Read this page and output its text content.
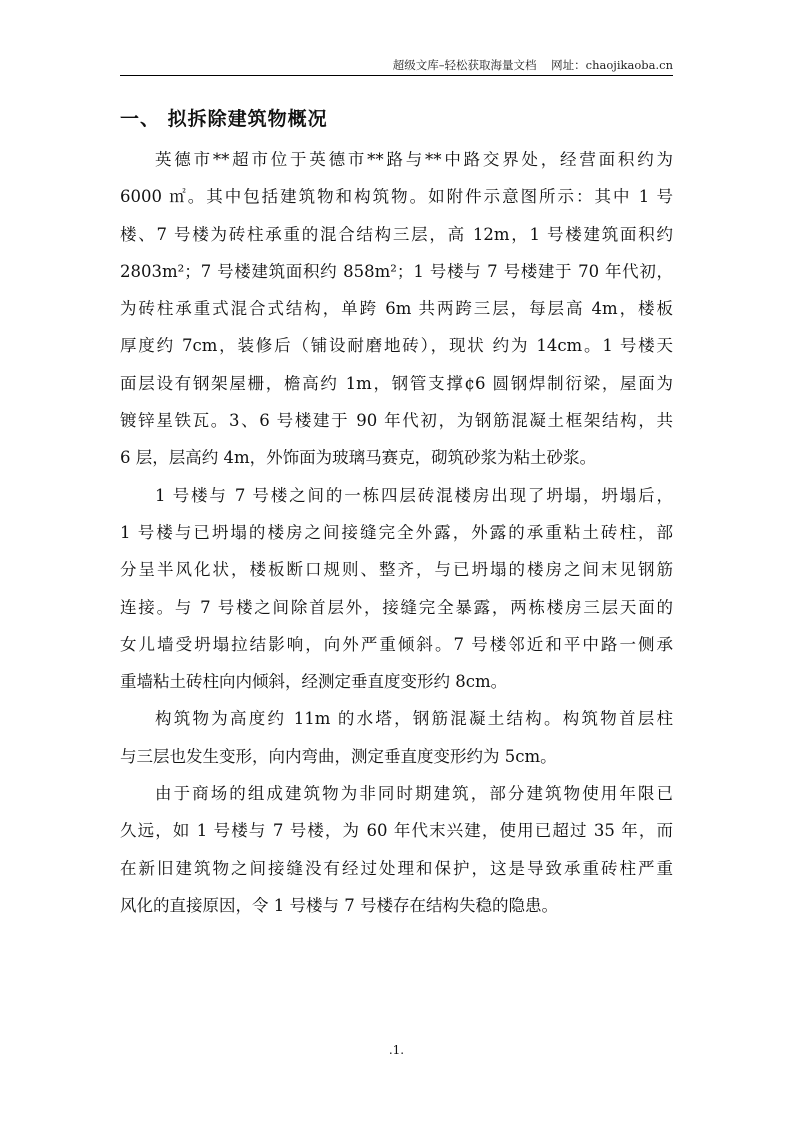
超级文库–轻松获取海量文档    网址：chaojikaoba.cn
一、 拟拆除建筑物概况
英德市**超市位于英德市**路与**中路交界处，经营面积约为
6000 ㎡。其中包括建筑物和构筑物。如附件示意图所示：其中 1 号
楼、7 号楼为砖柱承重的混合结构三层，高 12m，1 号楼建筑面积约
2803m²；7 号楼建筑面积约 858m²；1 号楼与 7 号楼建于 70 年代初，
为砖柱承重式混合式结构，单跨 6m 共两跨三层，每层高 4m，楼板
厚度约 7cm，装修后（铺设耐磨地砖），现状 约为 14cm。1 号楼天
面层设有钢架屋栅，檐高约 1m，钢管支撑¢6 圆钢焊制衍梁，屋面为
镀锌星铁瓦。3、6 号楼建于 90 年代初，为钢筋混凝土框架结构，共
6 层，层高约 4m，外饰面为玻璃马赛克，砌筑砂浆为粘土砂浆。
1 号楼与 7 号楼之间的一栋四层砖混楼房出现了坍塌，坍塌后，
1 号楼与已坍塌的楼房之间接缝完全外露，外露的承重粘土砖柱，部
分呈半风化状，楼板断口规则、整齐，与已坍塌的楼房之间末见钢筋
连接。与 7 号楼之间除首层外，接缝完全暴露，两栋楼房三层天面的
女儿墙受坍塌拉结影响，向外严重倾斜。7 号楼邻近和平中路一侧承
重墙粘土砖柱向内倾斜，经测定垂直度变形约 8cm。
构筑物为高度约 11m 的水塔，钢筋混凝土结构。构筑物首层柱
与三层也发生变形，向内弯曲，测定垂直度变形约为 5cm。
由于商场的组成建筑物为非同时期建筑，部分建筑物使用年限已
久远，如 1 号楼与 7 号楼，为 60 年代末兴建，使用已超过 35 年，而
在新旧建筑物之间接缝没有经过处理和保护，这是导致承重砖柱严重
风化的直接原因，令 1 号楼与 7 号楼存在结构失稳的隐患。
.1.
